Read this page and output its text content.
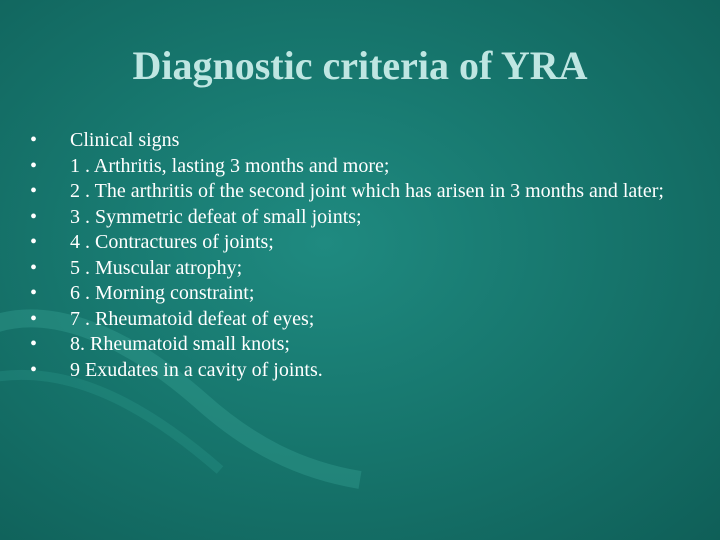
Diagnostic criteria of YRA
•	Clinical signs
•	1 . Arthritis, lasting 3 months and more;
•	2 . The arthritis of the second joint which has arisen in 3 months and later;
•	3 . Symmetric defeat of small joints;
•	4 . Contractures of joints;
•	5 . Muscular atrophy;
•	6 . Morning constraint;
•	7 . Rheumatoid defeat of eyes;
•	8. Rheumatoid small knots;
•	9 Exudates in a cavity of joints.
